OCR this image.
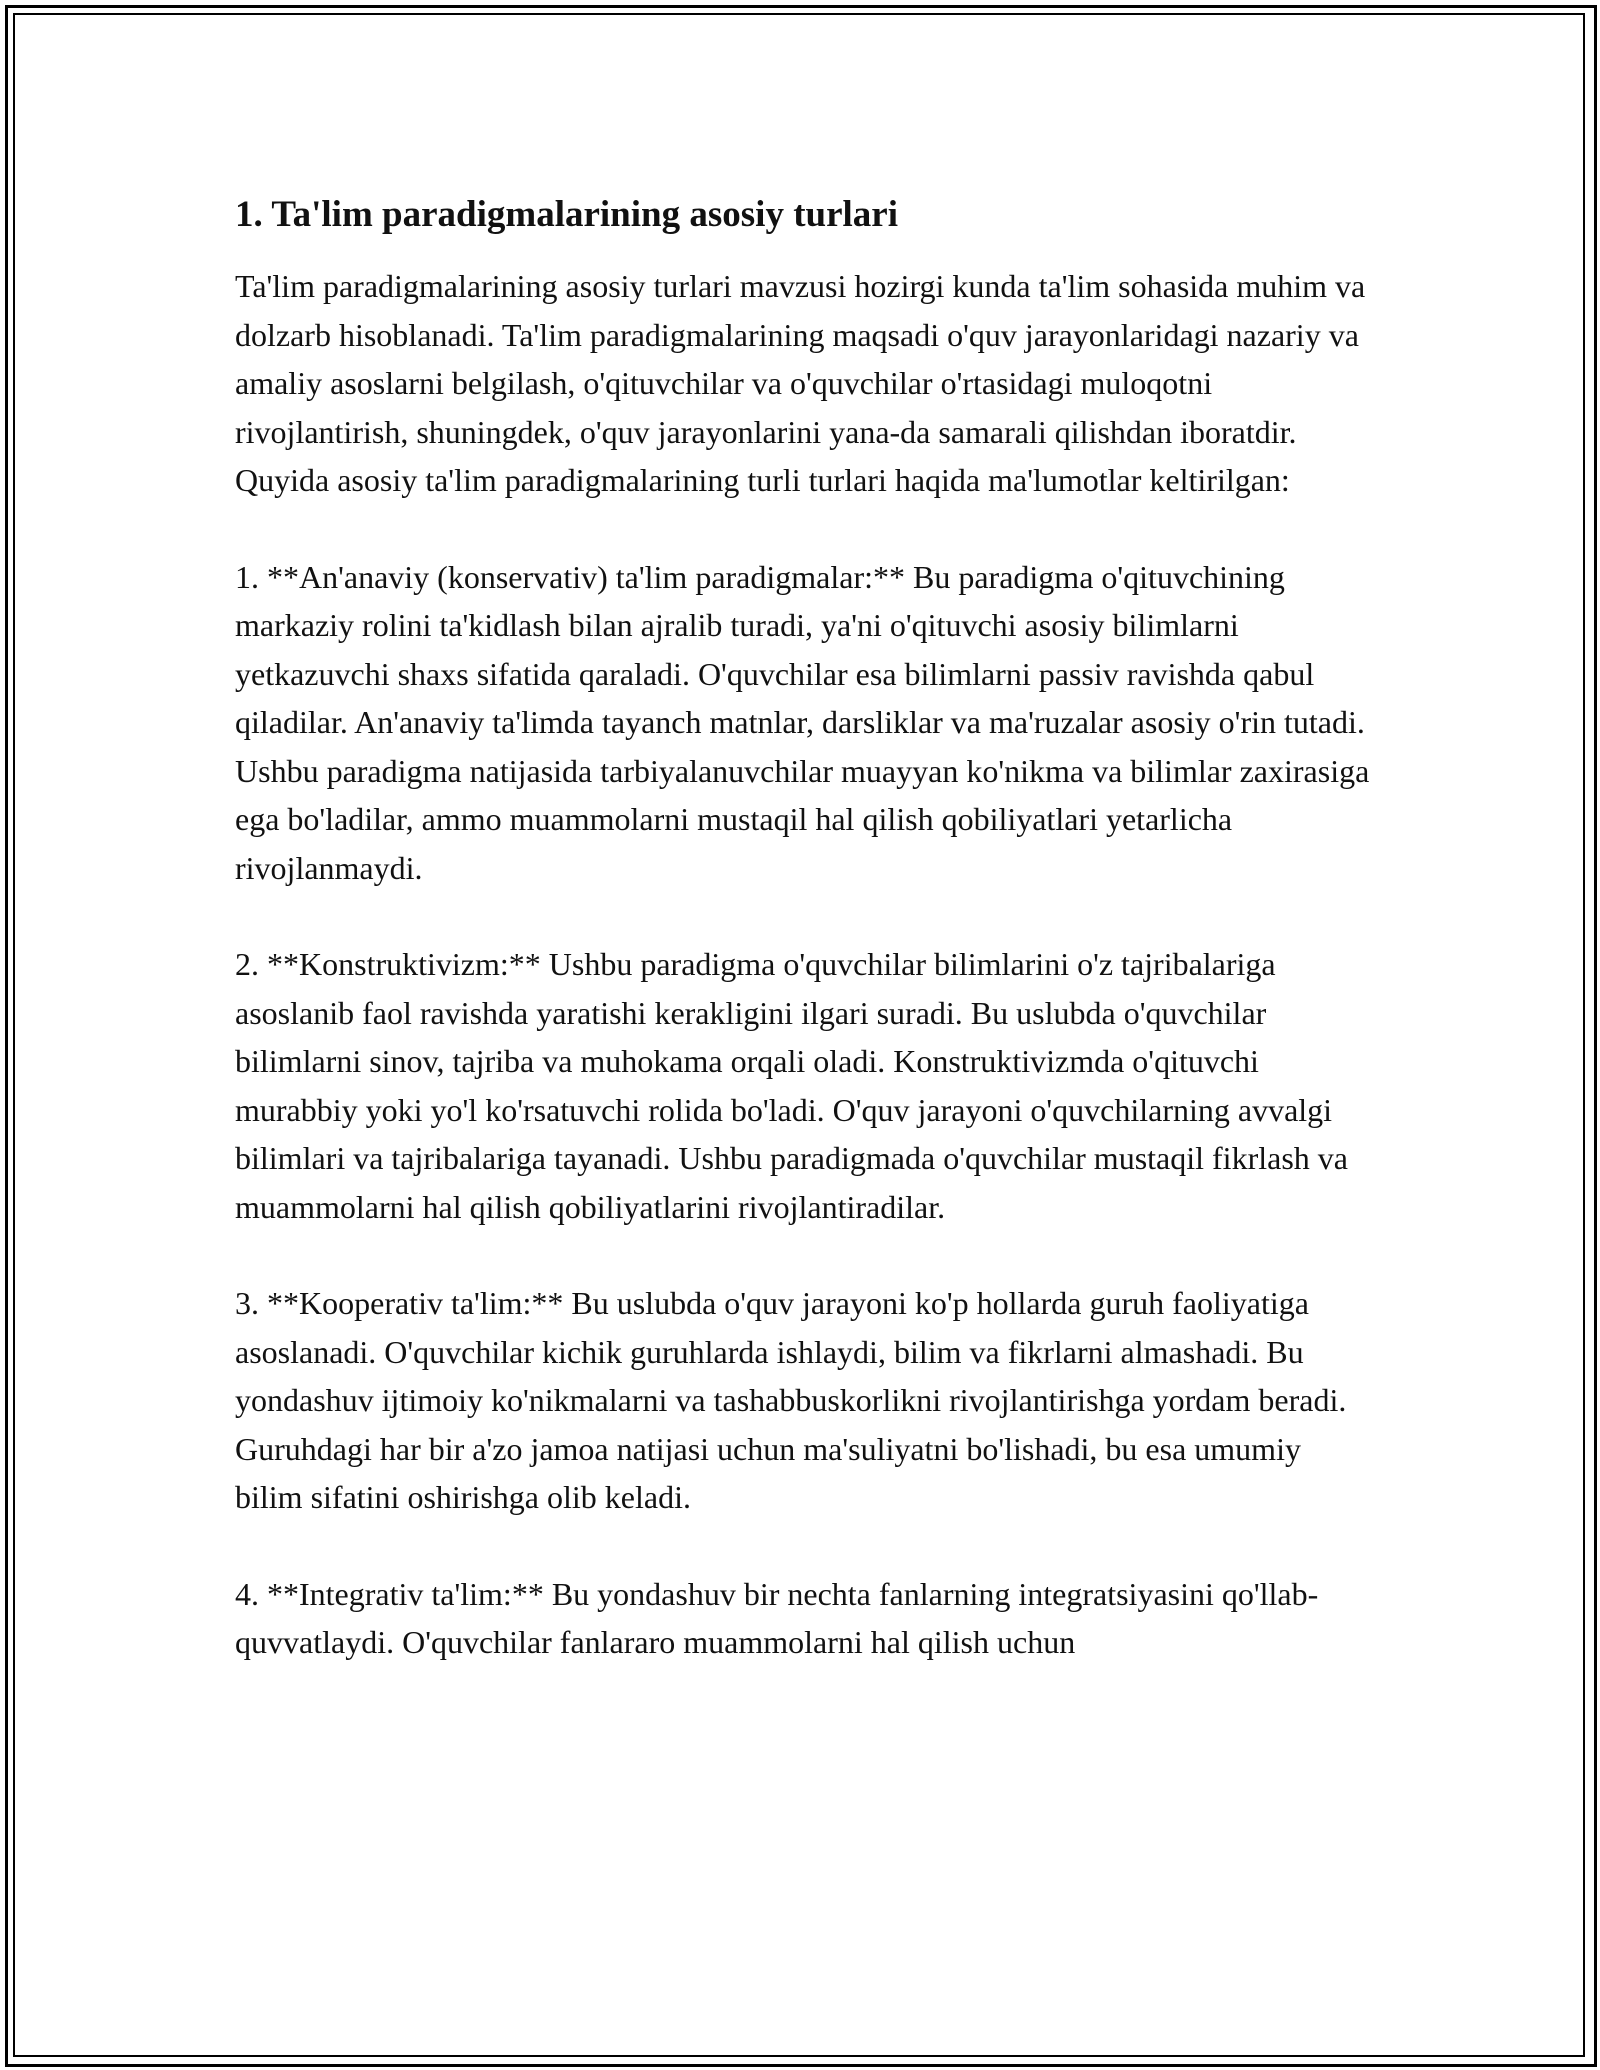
1. Ta'lim paradigmalarining asosiy turlari

Ta'lim paradigmalarining asosiy turlari mavzusi hozirgi kunda ta'lim sohasida muhim va dolzarb hisoblanadi. Ta'lim paradigmalarining maqsadi o'quv jarayonlaridagi nazariy va amaliy asoslarni belgilash, o'qituvchilar va o'quvchilar o'rtasidagi muloqotni rivojlantirish, shuningdek, o'quv jarayonlarini yana-da samarali qilishdan iboratdir. Quyida asosiy ta'lim paradigmalarining turli turlari haqida ma'lumotlar keltirilgan:

1. **An'anaviy (konservativ) ta'lim paradigmalar:** Bu paradigma o'qituvchining markaziy rolini ta'kidlash bilan ajralib turadi, ya'ni o'qituvchi asosiy bilimlarni yetkazuvchi shaxs sifatida qaraladi. O'quvchilar esa bilimlarni passiv ravishda qabul qiladilar. An'anaviy ta'limda tayanch matnlar, darsliklar va ma'ruzalar asosiy o'rin tutadi. Ushbu paradigma natijasida tarbiyalanuvchilar muayyan ko'nikma va bilimlar zaxirasiga ega bo'ladilar, ammo muammolarni mustaqil hal qilish qobiliyatlari yetarlicha rivojlanmaydi.

2. **Konstruktivizm:** Ushbu paradigma o'quvchilar bilimlarini o'z tajribalariga asoslanib faol ravishda yaratishi kerakligini ilgari suradi. Bu uslubda o'quvchilar bilimlarni sinov, tajriba va muhokama orqali oladi. Konstruktivizmda o'qituvchi murabbiy yoki yo'l ko'rsatuvchi rolida bo'ladi. O'quv jarayoni o'quvchilarning avvalgi bilimlari va tajribalariga tayanadi. Ushbu paradigmada o'quvchilar mustaqil fikrlash va muammolarni hal qilish qobiliyatlarini rivojlantiradilar.

3. **Kooperativ ta'lim:** Bu uslubda o'quv jarayoni ko'p hollarda guruh faoliyatiga asoslanadi. O'quvchilar kichik guruhlarda ishlaydi, bilim va fikrlarni almashadi. Bu yondashuv ijtimoiy ko'nikmalarni va tashabbuskorlikni rivojlantirishga yordam beradi. Guruhdagi har bir a'zo jamoa natijasi uchun ma'suliyatni bo'lishadi, bu esa umumiy bilim sifatini oshirishga olib keladi.

4. **Integrativ ta'lim:** Bu yondashuv bir nechta fanlarning integratsiyasini qo'llab-quvvatlaydi. O'quvchilar fanlararo muammolarni hal qilish uchun
